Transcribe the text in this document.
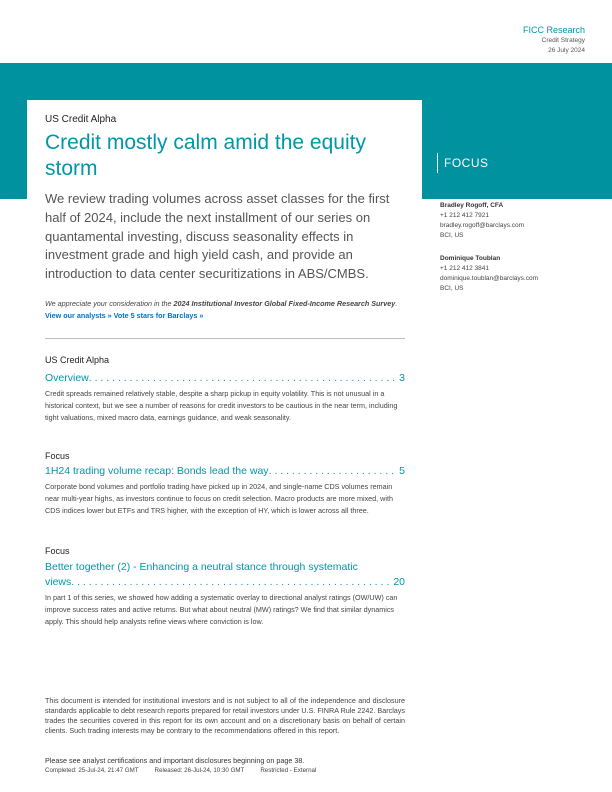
FICC Research
Credit Strategy
26 July 2024
US Credit Alpha
Credit mostly calm amid the equity storm
We review trading volumes across asset classes for the first half of 2024, include the next installment of our series on quantamental investing, discuss seasonality effects in investment grade and high yield cash, and provide an introduction to data center securitizations in ABS/CMBS.
We appreciate your consideration in the 2024 Institutional Investor Global Fixed-Income Research Survey. View our analysts » Vote 5 stars for Barclays »
FOCUS
Bradley Rogoff, CFA
+1 212 412 7921
bradley.rogoff@barclays.com
BCI, US
Dominique Toublan
+1 212 412 3841
dominique.toublan@barclays.com
BCI, US
US Credit Alpha
Overview . . .	3
Credit spreads remained relatively stable, despite a sharp pickup in equity volatility. This is not unusual in a historical context, but we see a number of reasons for credit investors to be cautious in the near term, including tight valuations, mixed macro data, earnings guidance, and weak seasonality.
Focus
1H24 trading volume recap: Bonds lead the way . . .	5
Corporate bond volumes and portfolio trading have picked up in 2024, and single-name CDS volumes remain near multi-year highs, as investors continue to focus on credit selection. Macro products are more mixed, with CDS indices lower but ETFs and TRS higher, with the exception of HY, which is lower across all three.
Focus
Better together (2) - Enhancing a neutral stance through systematic
views . . .	20
In part 1 of this series, we showed how adding a systematic overlay to directional analyst ratings (OW/UW) can improve success rates and active returns. But what about neutral (MW) ratings? We find that similar dynamics apply. This should help analysts refine views where conviction is low.
This document is intended for institutional investors and is not subject to all of the independence and disclosure standards applicable to debt research reports prepared for retail investors under U.S. FINRA Rule 2242. Barclays trades the securities covered in this report for its own account and on a discretionary basis on behalf of certain clients. Such trading interests may be contrary to the recommendations offered in this report.
Please see analyst certifications and important disclosures beginning on page 38.
Completed: 25-Jul-24, 21:47 GMT	Released: 26-Jul-24, 10:30 GMT	Restricted - External
